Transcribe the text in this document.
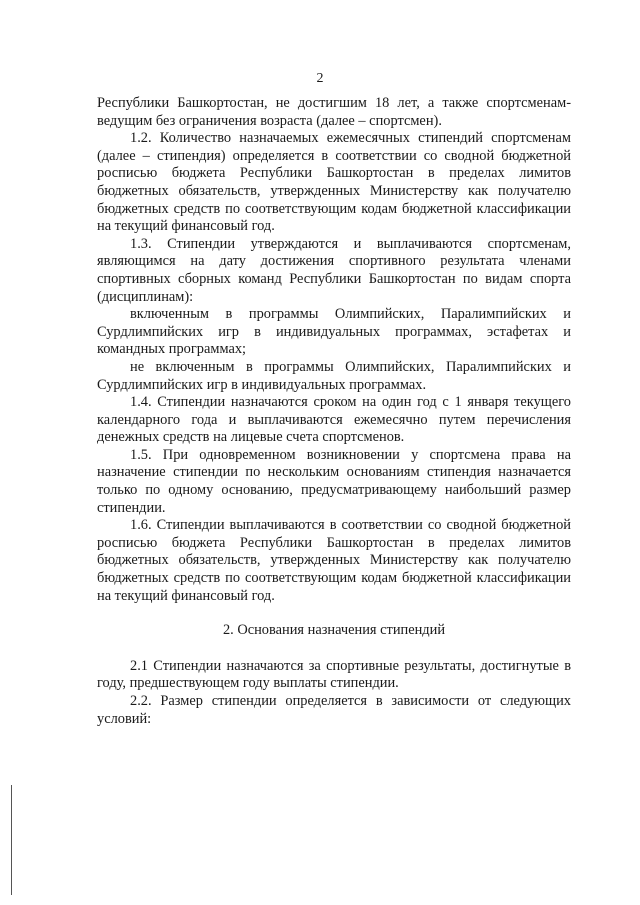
2

Республики Башкортостан, не достигшим 18 лет, а также спортсменам-ведущим без ограничения возраста (далее – спортсмен).

1.2. Количество назначаемых ежемесячных стипендий спортсменам (далее – стипендия) определяется в соответствии со сводной бюджетной росписью бюджета Республики Башкортостан в пределах лимитов бюджетных обязательств, утвержденных Министерству как получателю бюджетных средств по соответствующим кодам бюджетной классификации на текущий финансовый год.

1.3. Стипендии утверждаются и выплачиваются спортсменам, являющимся на дату достижения спортивного результата членами спортивных сборных команд Республики Башкортостан по видам спорта (дисциплинам):

включенным в программы Олимпийских, Паралимпийских и Сурдлимпийских игр в индивидуальных программах, эстафетах и командных программах;

не включенным в программы Олимпийских, Паралимпийских и Сурдлимпийских игр в индивидуальных программах.

1.4. Стипендии назначаются сроком на один год с 1 января текущего календарного года и выплачиваются ежемесячно путем перечисления денежных средств на лицевые счета спортсменов.

1.5. При одновременном возникновении у спортсмена права на назначение стипендии по нескольким основаниям стипендия назначается только по одному основанию, предусматривающему наибольший размер стипендии.

1.6. Стипендии выплачиваются в соответствии со сводной бюджетной росписью бюджета Республики Башкортостан в пределах лимитов бюджетных обязательств, утвержденных Министерству как получателю бюджетных средств по соответствующим кодам бюджетной классификации на текущий финансовый год.

2. Основания назначения стипендий

2.1 Стипендии назначаются за спортивные результаты, достигнутые в году, предшествующем году выплаты стипендии.

2.2. Размер стипендии определяется в зависимости от следующих условий:
